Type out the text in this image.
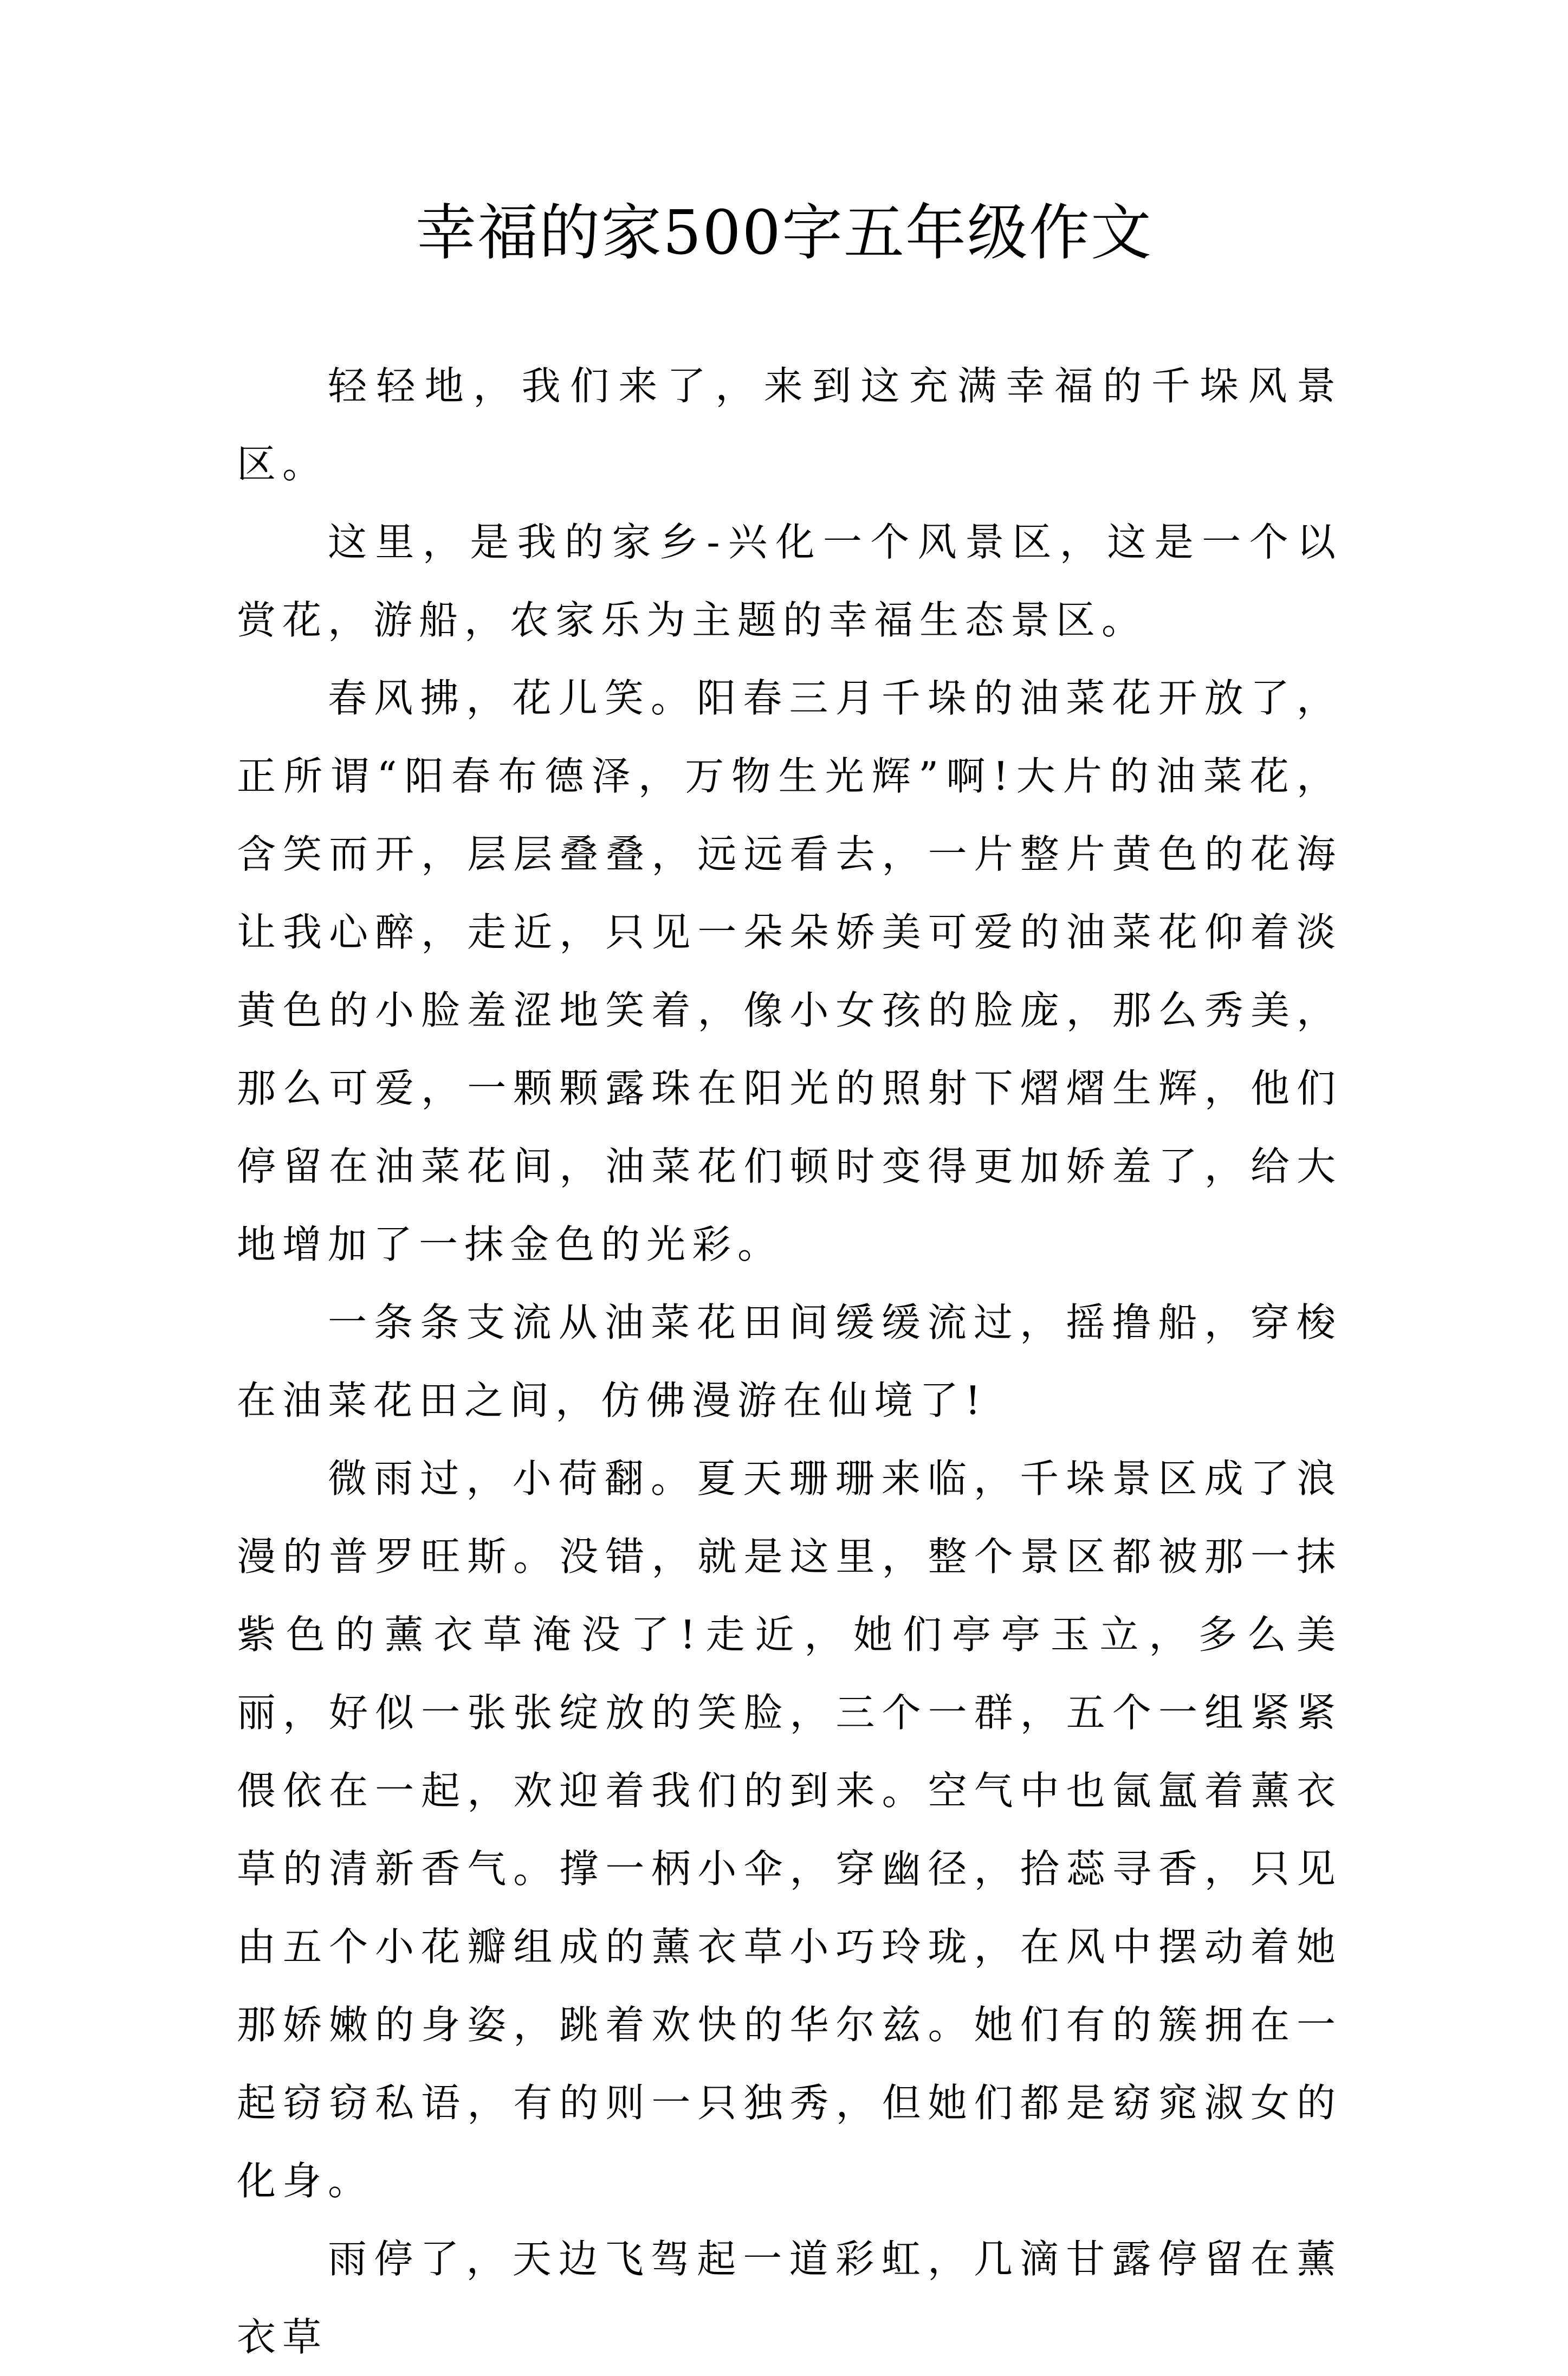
幸福的家500字五年级作文

轻轻地，我们来了，来到这充满幸福的千垛风景区。

这里，是我的家乡-兴化一个风景区，这是一个以赏花，游船，农家乐为主题的幸福生态景区。

春风拂，花儿笑。阳春三月千垛的油菜花开放了，正所谓“阳春布德泽，万物生光辉”啊!大片的油菜花，含笑而开，层层叠叠，远远看去，一片整片黄色的花海让我心醉，走近，只见一朵朵娇美可爱的油菜花仰着淡黄色的小脸羞涩地笑着，像小女孩的脸庞，那么秀美，那么可爱，一颗颗露珠在阳光的照射下熠熠生辉，他们停留在油菜花间，油菜花们顿时变得更加娇羞了，给大地增加了一抹金色的光彩。

一条条支流从油菜花田间缓缓流过，摇撸船，穿梭在油菜花田之间，仿佛漫游在仙境了!

微雨过，小荷翻。夏天珊珊来临，千垛景区成了浪漫的普罗旺斯。没错，就是这里，整个景区都被那一抹紫色的薰衣草淹没了!走近，她们亭亭玉立，多么美丽，好似一张张绽放的笑脸，三个一群，五个一组紧紧偎依在一起，欢迎着我们的到来。空气中也氤氲着薰衣草的清新香气。撑一柄小伞，穿幽径，拾蕊寻香，只见由五个小花瓣组成的薰衣草小巧玲珑，在风中摆动着她那娇嫩的身姿，跳着欢快的华尔兹。她们有的簇拥在一起窃窃私语，有的则一只独秀，但她们都是窈窕淑女的化身。

雨停了，天边飞驾起一道彩虹，几滴甘露停留在薰衣草
